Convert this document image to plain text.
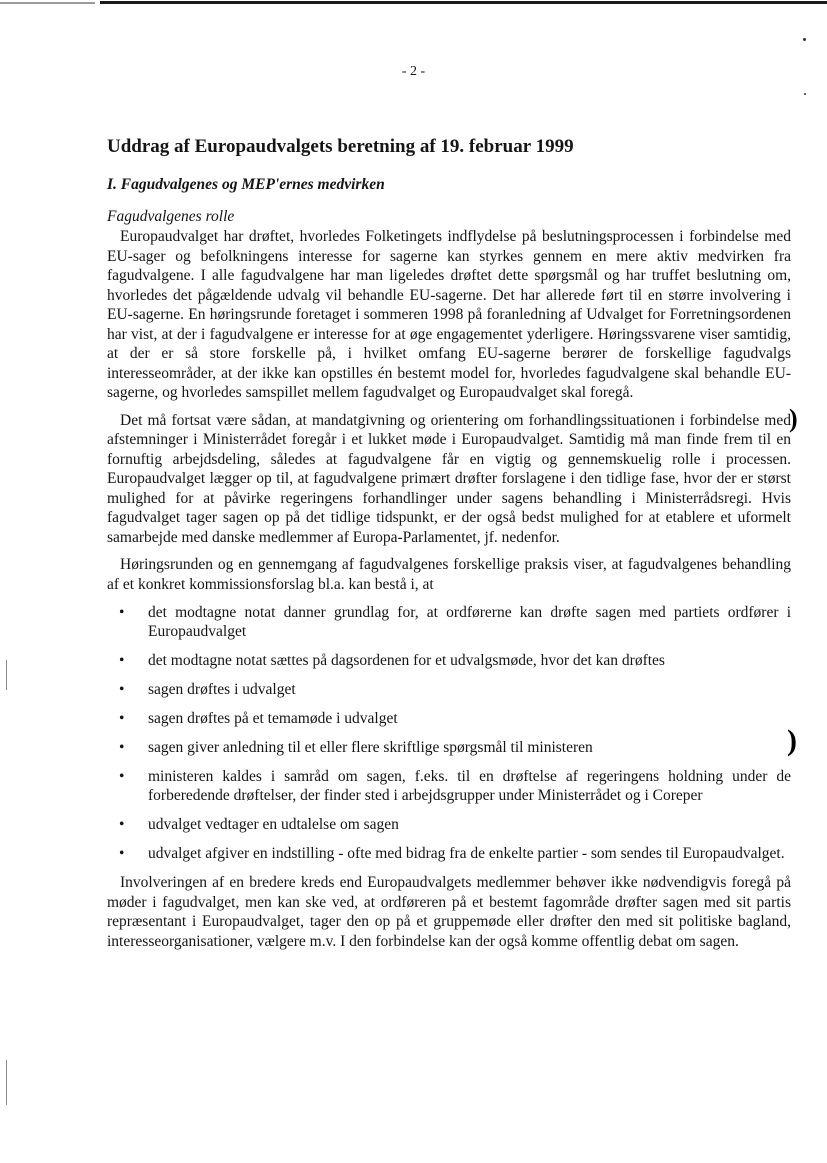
)
)
- 2 -
Uddrag af Europaudvalgets beretning af 19. februar 1999
I. Fagudvalgenes og MEP'ernes medvirken
Fagudvalgenes rolle

Europaudvalget har drøftet, hvorledes Folketingets indflydelse på beslutningsprocessen i forbindelse med EU-sager og befolkningens interesse for sagerne kan styrkes gennem en mere aktiv medvirken fra fagudvalgene. I alle fagudvalgene har man ligeledes drøftet dette spørgsmål og har truffet beslutning om, hvorledes det pågældende udvalg vil behandle EU-sagerne. Det har allerede ført til en større involvering i EU-sagerne. En høringsrunde foretaget i sommeren 1998 på foranledning af Udvalget for Forretningsordenen har vist, at der i fagudvalgene er interesse for at øge engagementet yderligere. Høringssvarene viser samtidig, at der er så store forskelle på, i hvilket omfang EU-sagerne berører de forskellige fagudvalgs interesseområder, at der ikke kan opstilles én bestemt model for, hvorledes fagudvalgene skal behandle EU-sagerne, og hvorledes samspillet mellem fagudvalget og Europaudvalget skal foregå.

Det må fortsat være sådan, at mandatgivning og orientering om forhandlingssituationen i forbindelse med afstemninger i Ministerrådet foregår i et lukket møde i Europaudvalget. Samtidig må man finde frem til en fornuftig arbejdsdeling, således at fagudvalgene får en vigtig og gennemskuelig rolle i processen. Europaudvalget lægger op til, at fagudvalgene primært drøfter forslagene i den tidlige fase, hvor der er størst mulighed for at påvirke regeringens forhandlinger under sagens behandling i Ministerrådsregi. Hvis fagudvalget tager sagen op på det tidlige tidspunkt, er der også bedst mulighed for at etablere et uformelt samarbejde med danske medlemmer af Europa-Parlamentet, jf. nedenfor.

Høringsrunden og en gennemgang af fagudvalgenes forskellige praksis viser, at fagudvalgenes behandling af et konkret kommissionsforslag bl.a. kan bestå i, at

• det modtagne notat danner grundlag for, at ordførerne kan drøfte sagen med partiets ordfører i Europaudvalget
• det modtagne notat sættes på dagsordenen for et udvalgsmøde, hvor det kan drøftes
• sagen drøftes i udvalget
• sagen drøftes på et temamøde i udvalget
• sagen giver anledning til et eller flere skriftlige spørgsmål til ministeren
• ministeren kaldes i samråd om sagen, f.eks. til en drøftelse af regeringens holdning under de forberedende drøftelser, der finder sted i arbejdsgrupper under Ministerrådet og i Coreper
• udvalget vedtager en udtalelse om sagen
• udvalget afgiver en indstilling - ofte med bidrag fra de enkelte partier - som sendes til Europaudvalget.

Involveringen af en bredere kreds end Europaudvalgets medlemmer behøver ikke nødvendigvis foregå på møder i fagudvalget, men kan ske ved, at ordføreren på et bestemt fagområde drøfter sagen med sit partis repræsentant i Europaudvalget, tager den op på et gruppemøde eller drøfter den med sit politiske bagland, interesseorganisationer, vælgere m.v. I den forbindelse kan der også komme offentlig debat om sagen.
